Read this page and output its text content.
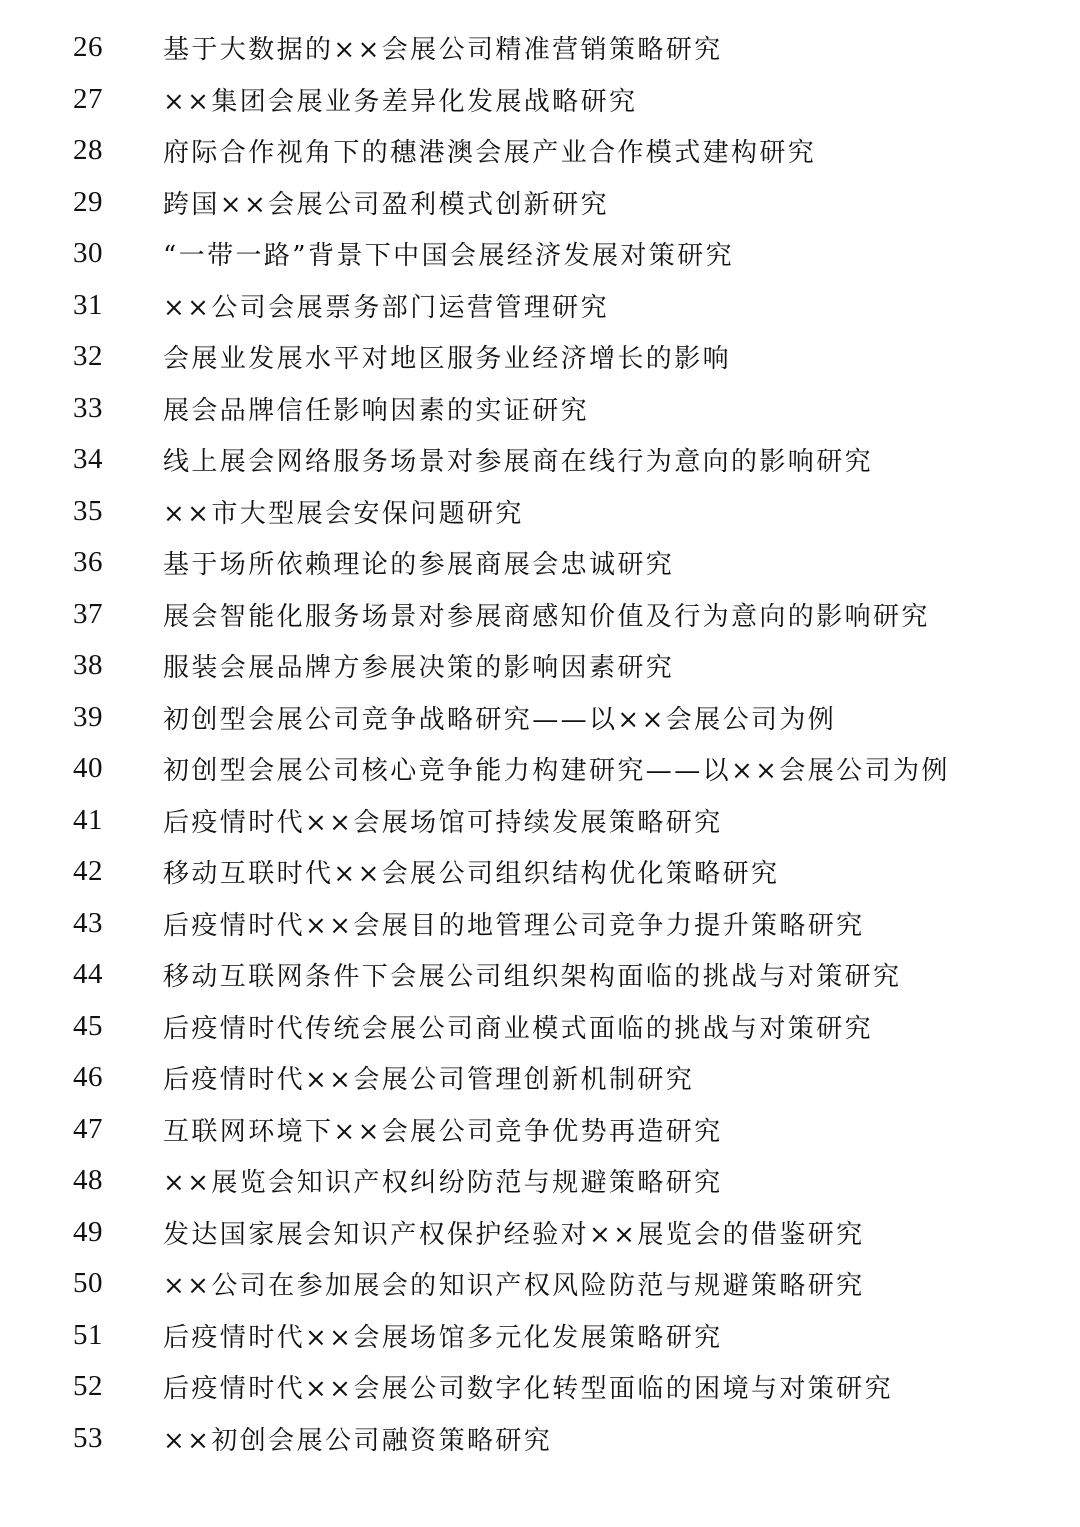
26 基于大数据的××会展公司精准营销策略研究
27 ××集团会展业务差异化发展战略研究
28 府际合作视角下的穗港澳会展产业合作模式建构研究
29 跨国××会展公司盈利模式创新研究
30 “一带一路”背景下中国会展经济发展对策研究
31 ××公司会展票务部门运营管理研究
32 会展业发展水平对地区服务业经济增长的影响
33 展会品牌信任影响因素的实证研究
34 线上展会网络服务场景对参展商在线行为意向的影响研究
35 ××市大型展会安保问题研究
36 基于场所依赖理论的参展商展会忠诚研究
37 展会智能化服务场景对参展商感知价值及行为意向的影响研究
38 服装会展品牌方参展决策的影响因素研究
39 初创型会展公司竞争战略研究——以××会展公司为例
40 初创型会展公司核心竞争能力构建研究——以××会展公司为例
41 后疫情时代××会展场馆可持续发展策略研究
42 移动互联时代××会展公司组织结构优化策略研究
43 后疫情时代××会展目的地管理公司竞争力提升策略研究
44 移动互联网条件下会展公司组织架构面临的挑战与对策研究
45 后疫情时代传统会展公司商业模式面临的挑战与对策研究
46 后疫情时代××会展公司管理创新机制研究
47 互联网环境下××会展公司竞争优势再造研究
48 ××展览会知识产权纠纷防范与规避策略研究
49 发达国家展会知识产权保护经验对××展览会的借鉴研究
50 ××公司在参加展会的知识产权风险防范与规避策略研究
51 后疫情时代××会展场馆多元化发展策略研究
52 后疫情时代××会展公司数字化转型面临的困境与对策研究
53 ××初创会展公司融资策略研究
